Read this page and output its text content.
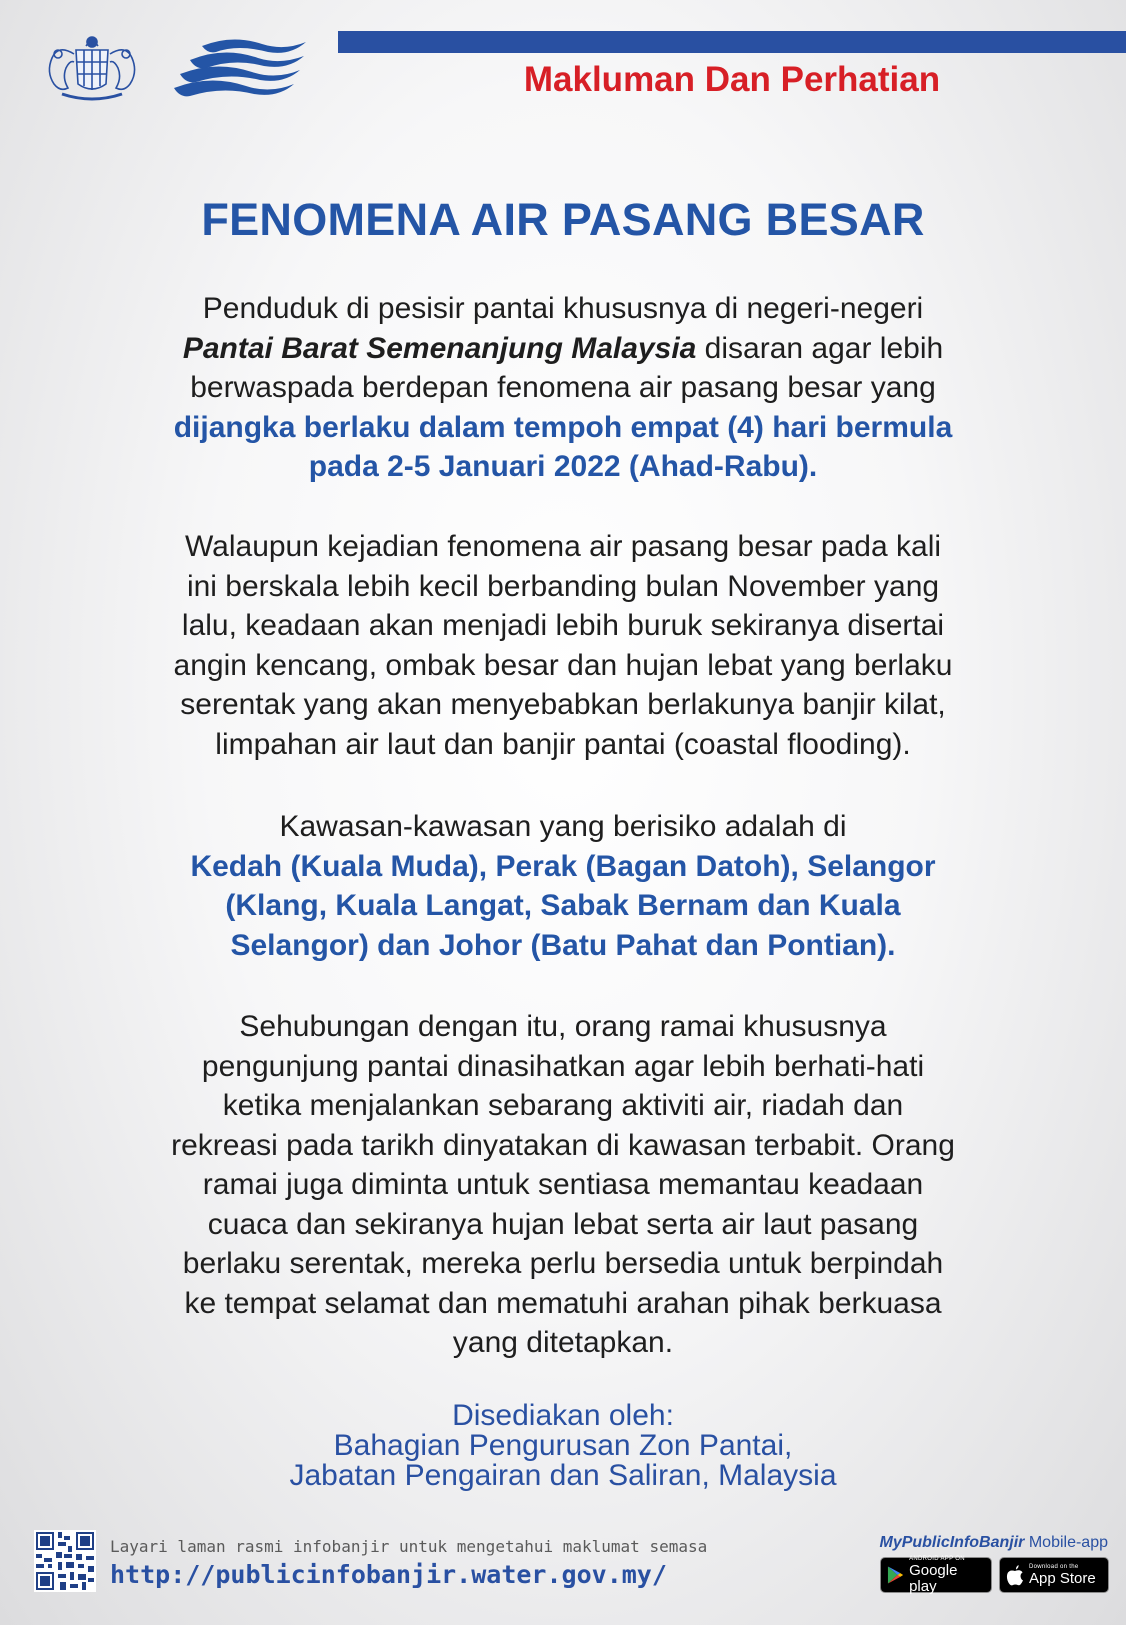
Makluman Dan Perhatian
FENOMENA AIR PASANG BESAR
Penduduk di pesisir pantai khususnya di negeri-negeri
Pantai Barat Semenanjung Malaysia disaran agar lebih
berwaspada berdepan fenomena air pasang besar yang
dijangka berlaku dalam tempoh empat (4) hari bermula
pada 2-5 Januari 2022 (Ahad-Rabu).
Walaupun kejadian fenomena air pasang besar pada kali
ini berskala lebih kecil berbanding bulan November yang
lalu, keadaan akan menjadi lebih buruk sekiranya disertai
angin kencang, ombak besar dan hujan lebat yang berlaku
serentak yang akan menyebabkan berlakunya banjir kilat,
limpahan air laut dan banjir pantai (coastal flooding).
Kawasan-kawasan yang berisiko adalah di
Kedah (Kuala Muda), Perak (Bagan Datoh), Selangor
(Klang, Kuala Langat, Sabak Bernam dan Kuala
Selangor) dan Johor (Batu Pahat dan Pontian).
Sehubungan dengan itu, orang ramai khususnya
pengunjung pantai dinasihatkan agar lebih berhati-hati
ketika menjalankan sebarang aktiviti air, riadah dan
rekreasi pada tarikh dinyatakan di kawasan terbabit. Orang
ramai juga diminta untuk sentiasa memantau keadaan
cuaca dan sekiranya hujan lebat serta air laut pasang
berlaku serentak, mereka perlu bersedia untuk berpindah
ke tempat selamat dan mematuhi arahan pihak berkuasa
yang ditetapkan.
Disediakan oleh:
Bahagian Pengurusan Zon Pantai,
Jabatan Pengairan dan Saliran, Malaysia
Layari laman rasmi infobanjir untuk mengetahui maklumat semasa
http://publicinfobanjir.water.gov.my/
MyPublicInfoBanjir Mobile-app
ANDROID APP ON
Google play
Download on the
App Store
